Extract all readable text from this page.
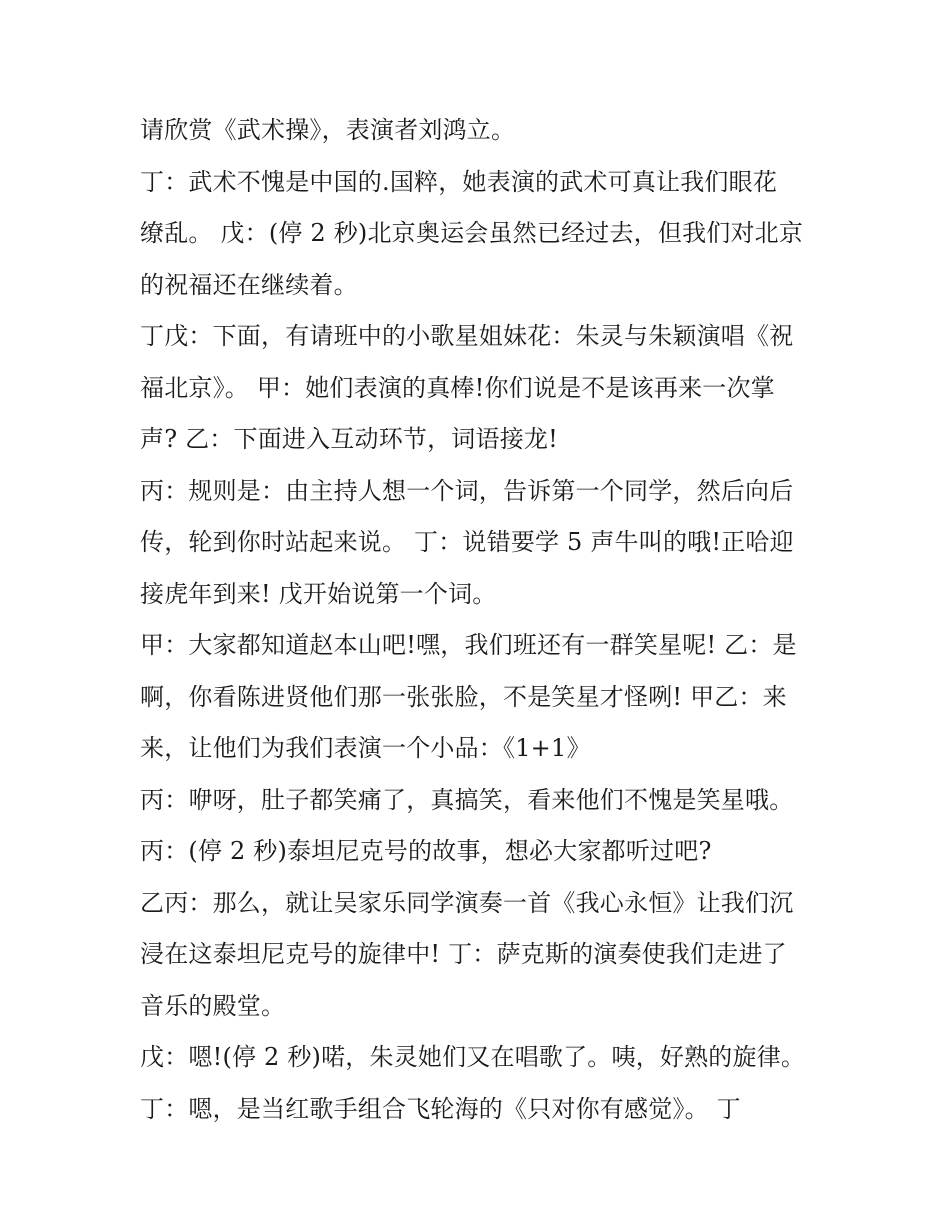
请欣赏《武术操》，表演者刘鸿立。
丁：武术不愧是中国的.国粹，她表演的武术可真让我们眼花
缭乱。 戊：(停 2 秒)北京奥运会虽然已经过去，但我们对北京
的祝福还在继续着。
丁戊：下面，有请班中的小歌星姐妹花：朱灵与朱颖演唱《祝
福北京》。 甲：她们表演的真棒!你们说是不是该再来一次掌
声? 乙：下面进入互动环节，词语接龙!
丙：规则是：由主持人想一个词，告诉第一个同学，然后向后
传，轮到你时站起来说。 丁：说错要学 5 声牛叫的哦!正哈迎
接虎年到来! 戊开始说第一个词。
甲：大家都知道赵本山吧!嘿，我们班还有一群笑星呢! 乙：是
啊，你看陈进贤他们那一张张脸，不是笑星才怪咧! 甲乙：来
来，让他们为我们表演一个小品：《1+1》
丙：咿呀，肚子都笑痛了，真搞笑，看来他们不愧是笑星哦。
丙：(停 2 秒)泰坦尼克号的故事，想必大家都听过吧?
乙丙：那么，就让吴家乐同学演奏一首《我心永恒》让我们沉
浸在这泰坦尼克号的旋律中! 丁：萨克斯的演奏使我们走进了
音乐的殿堂。
戊：嗯!(停 2 秒)喏，朱灵她们又在唱歌了。咦，好熟的旋律。
丁：嗯，是当红歌手组合飞轮海的《只对你有感觉》。 丁
